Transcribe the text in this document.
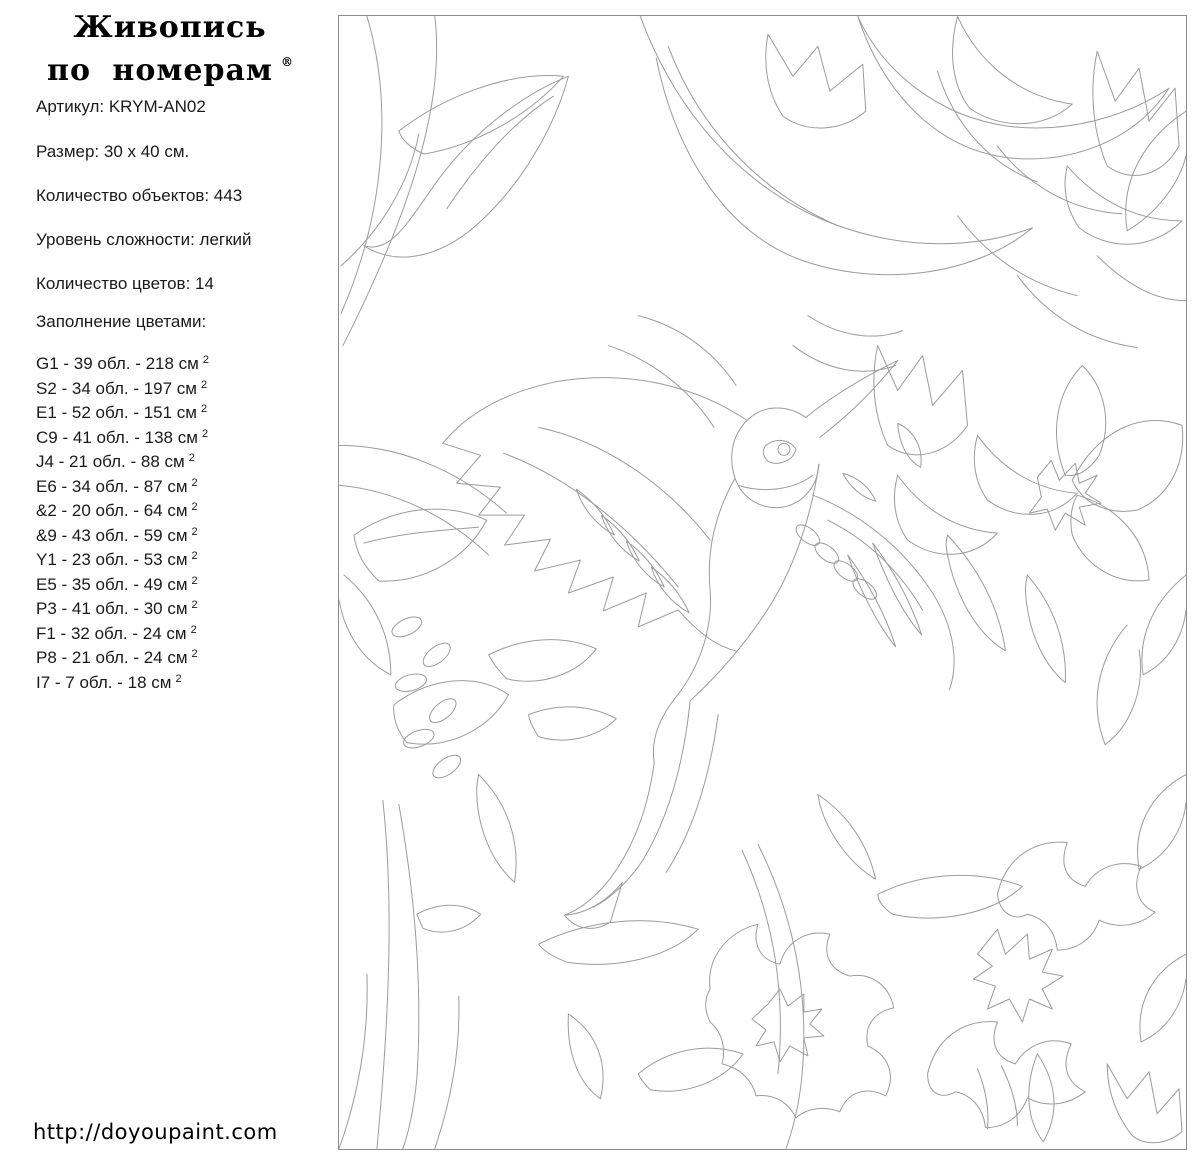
Живопись
по номерам ®
Артикул: KRYM-AN02
Размер: 30 x 40 см.
Количество объектов: 443
Уровень сложности: легкий
Количество цветов: 14
Заполнение цветами:
G1 - 39 обл. - 218 см $^2$
S2 - 34 обл. - 197 см $^2$
E1 - 52 обл. - 151 см $^2$
C9 - 41 обл. - 138 см $^2$
J4 - 21 обл. - 88 см $^2$
E6 - 34 обл. - 87 см $^2$
&2 - 20 обл. - 64 см $^2$
&9 - 43 обл. - 59 см $^2$
Y1 - 23 обл. - 53 см $^2$
E5 - 35 обл. - 49 см $^2$
P3 - 41 обл. - 30 см $^2$
F1 - 32 обл. - 24 см $^2$
P8 - 21 обл. - 24 см $^2$
I7 - 7 обл. - 18 см $^2$
http://doyoupaint.com
